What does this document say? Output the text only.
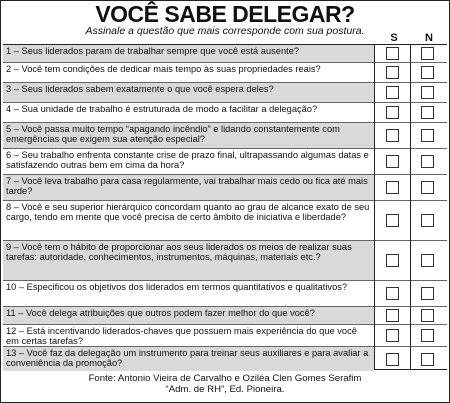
VOCÊ SABE DELEGAR?
Assinale a questão que mais corresponde com sua postura.
S	N
1 – Seus liderados param de trabalhar sempre que você está ausente?
2 – Você tem condições de dedicar mais tempo às suas propriedades reais?
3 – Seus liderados sabem exatamente o que você espera deles?
4 – Sua unidade de trabalho é estruturada de modo a facilitar a delegação?
5 – Você passa muito tempo “apagando incêndio” e lidando constantemente com emergências que exigem sua atenção especial?
6 – Seu trabalho enfrenta constante crise de prazo final, ultrapassando algumas datas e satisfazendo outras bem em cima da hora?
7 – Você leva trabalho para casa regularmente, vai trabalhar mais cedo ou fica até mais tarde?
8 – Você e seu superior hierárquico concordam quanto ao grau de alcance exato de seu cargo, tendo em mente que você precisa de certo âmbito de iniciativa e liberdade?
9 – Você tem o hábito de proporcionar aos seus liderados os meios de realizar suas tarefas: autoridade, conhecimentos, instrumentos, máquinas, materiais etc.?
10 – Especificou os objetivos dos liderados em termos quantitativos e qualitativos?
11 – Você delega atribuições que outros podem fazer melhor do que você?
12 – Está incentivando liderados-chaves que possuem mais experiência do que você em certas tarefas?
13 – Você faz da delegação um instrumento para treinar seus auxiliares e para avaliar a conveniência da promoção?
Fonte: Antonio Vieira de Carvalho e Oziléa Clen Gomes Serafim
“Adm. de RH”, Ed. Pioneira.
